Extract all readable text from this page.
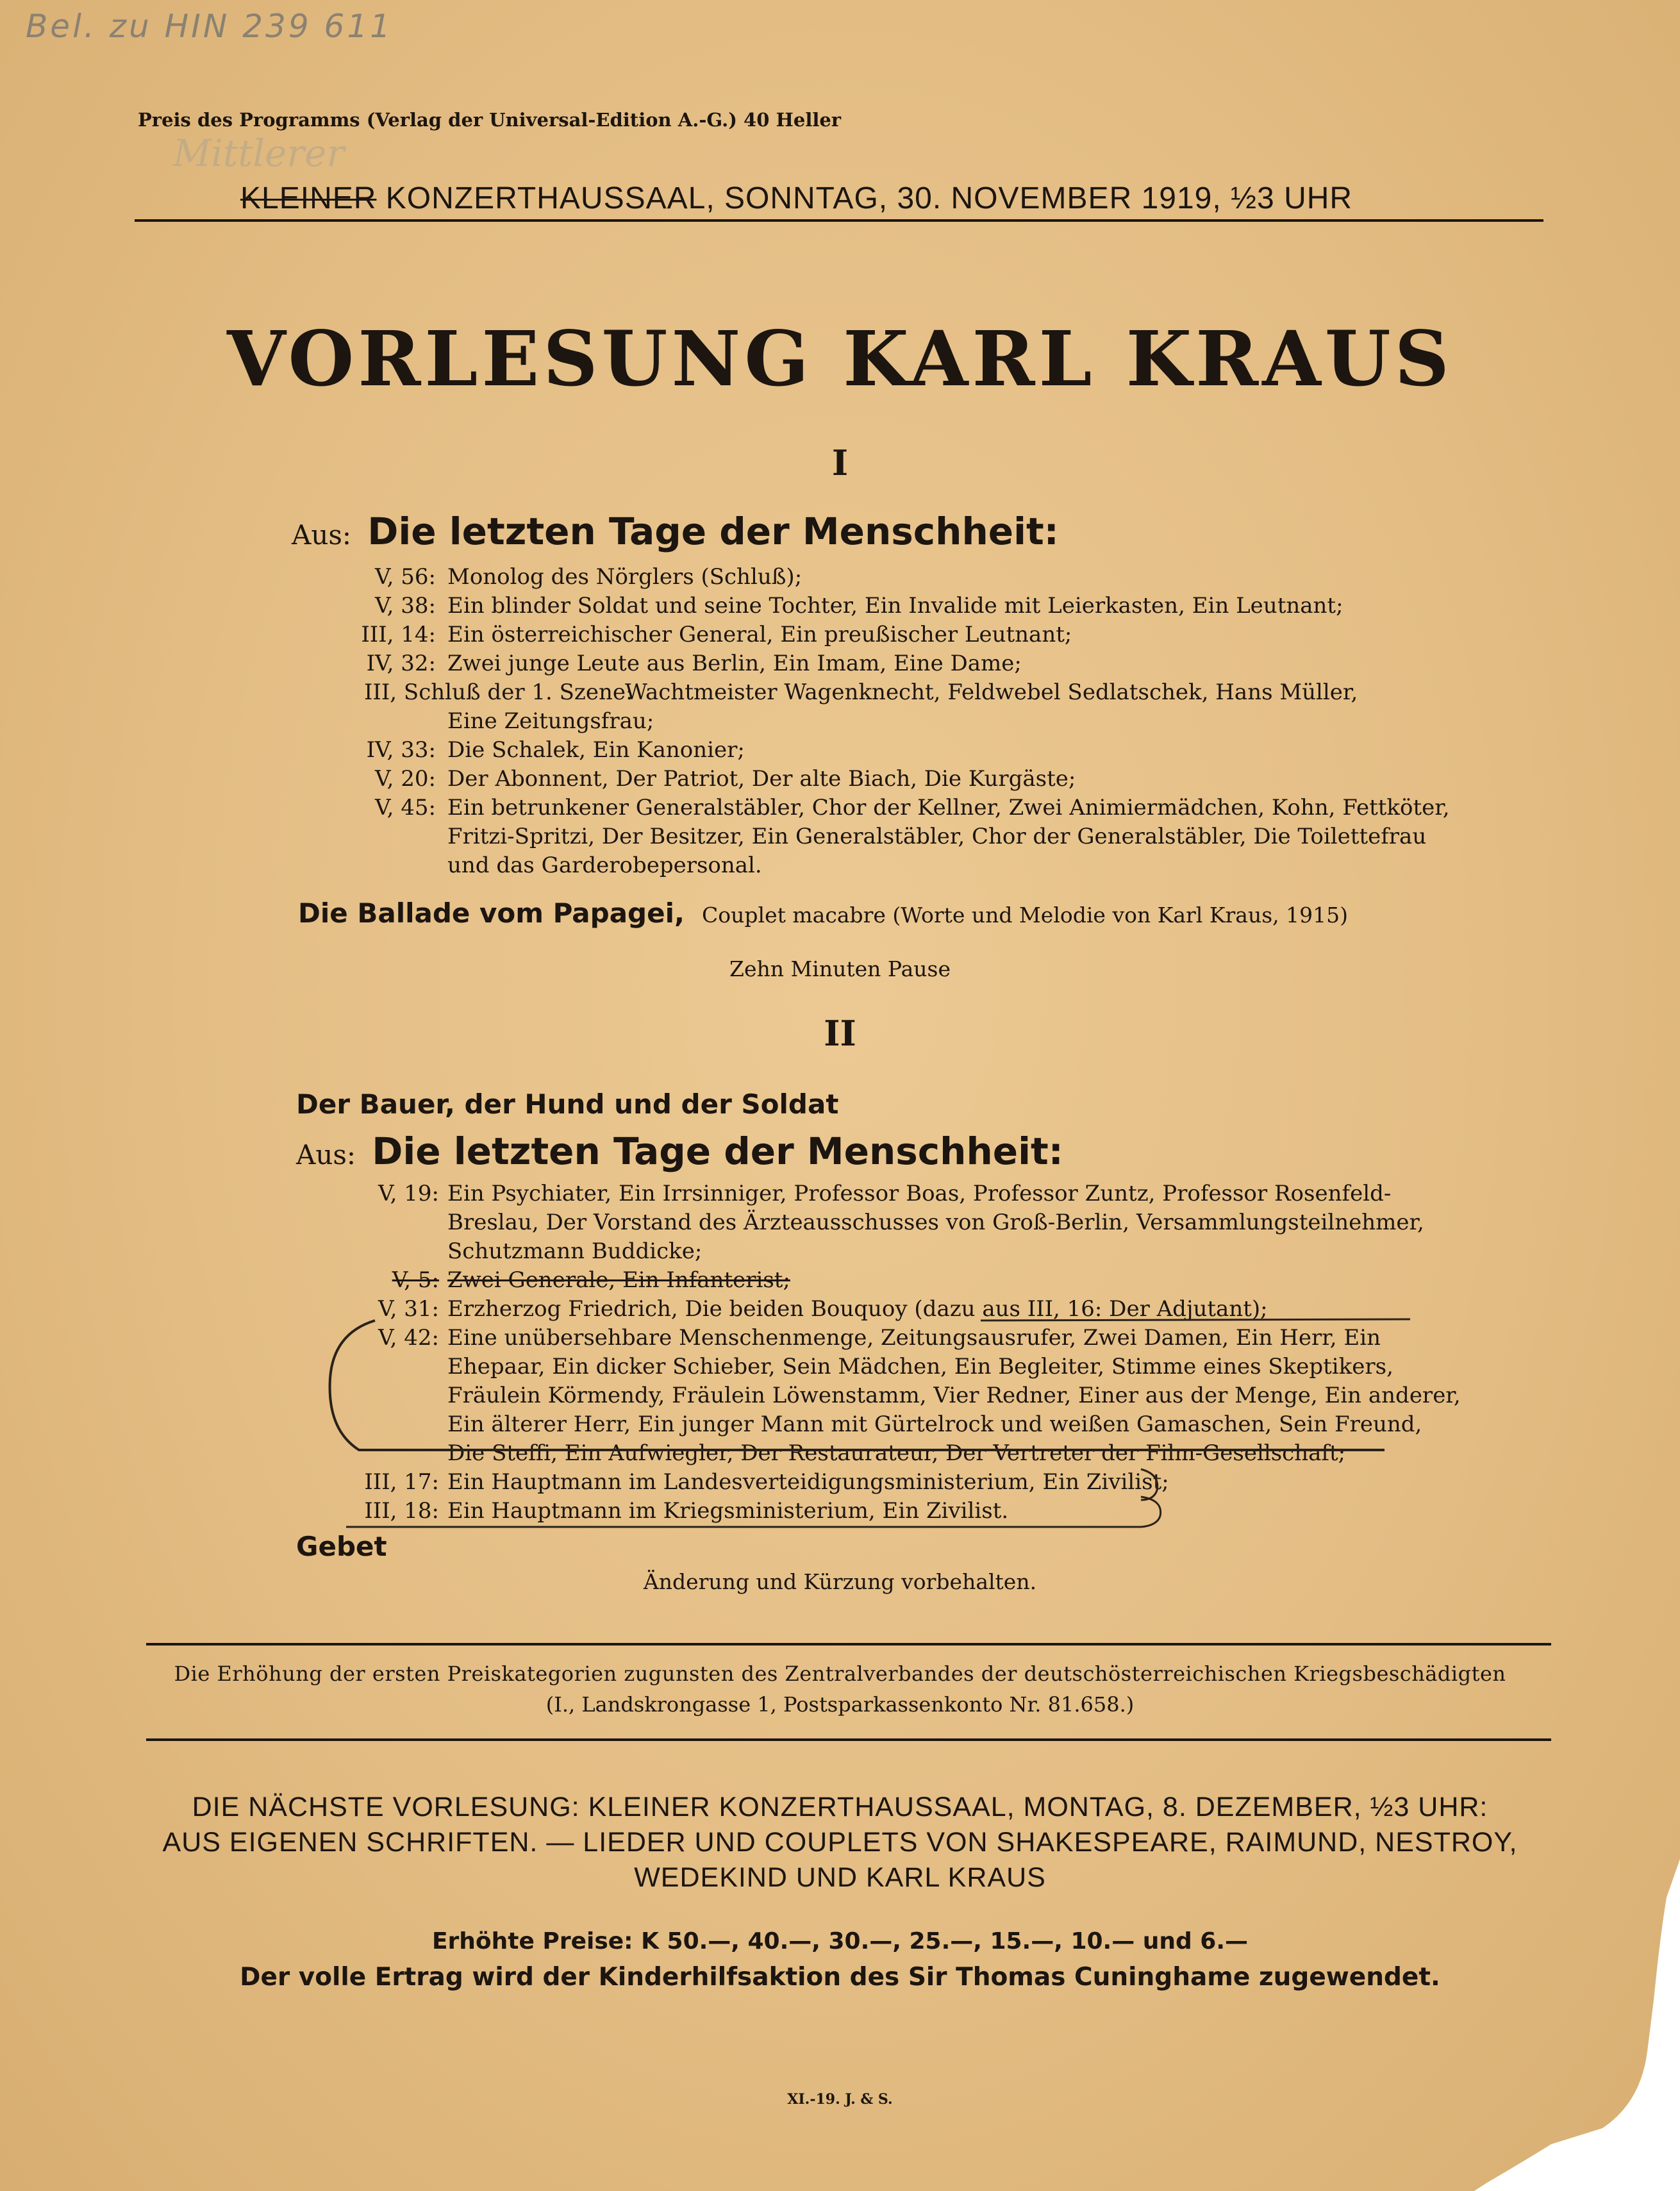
Bel. zu HIN 239 611
Mittlerer
Preis des Programms (Verlag der Universal-Edition A.-G.) 40 Heller
KLEINER KONZERTHAUSSAAL, SONNTAG, 30. NOVEMBER 1919, ½3 UHR
VORLESUNG KARL KRAUS
I
Aus: Die letzten Tage der Menschheit:
V, 56: Monolog des Nörglers (Schluß);
V, 38: Ein blinder Soldat und seine Tochter, Ein Invalide mit Leierkasten, Ein Leutnant;
III, 14: Ein österreichischer General, Ein preußischer Leutnant;
IV, 32: Zwei junge Leute aus Berlin, Ein Imam, Eine Dame;
III, Schluß der 1. Szene:
Wachtmeister Wagenknecht, Feldwebel Sedlatschek, Hans Müller,
Eine Zeitungsfrau;
IV, 33: Die Schalek, Ein Kanonier;
V, 20: Der Abonnent, Der Patriot, Der alte Biach, Die Kurgäste;
V, 45: Ein betrunkener Generalstäbler, Chor der Kellner, Zwei Animiermädchen, Kohn, Fettköter,
Fritzi-Spritzi, Der Besitzer, Ein Generalstäbler, Chor der Generalstäbler, Die Toilettefrau
und das Garderobepersonal.
Die Ballade vom Papagei, Couplet macabre (Worte und Melodie von Karl Kraus, 1915)
Zehn Minuten Pause
II
Der Bauer, der Hund und der Soldat
Aus: Die letzten Tage der Menschheit:
V, 19: Ein Psychiater, Ein Irrsinniger, Professor Boas, Professor Zuntz, Professor Rosenfeld-
Breslau, Der Vorstand des Ärzteausschusses von Groß-Berlin, Versammlungsteilnehmer,
Schutzmann Buddicke;
V, 5: Zwei Generale, Ein Infanterist;
V, 31: Erzherzog Friedrich, Die beiden Bouquoy (dazu aus III, 16: Der Adjutant);
V, 42: Eine unübersehbare Menschenmenge, Zeitungsausrufer, Zwei Damen, Ein Herr, Ein
Ehepaar, Ein dicker Schieber, Sein Mädchen, Ein Begleiter, Stimme eines Skeptikers,
Fräulein Körmendy, Fräulein Löwenstamm, Vier Redner, Einer aus der Menge, Ein anderer,
Ein älterer Herr, Ein junger Mann mit Gürtelrock und weißen Gamaschen, Sein Freund,
Die Steffi, Ein Aufwiegler, Der Restaurateur, Der Vertreter der Film-Gesellschaft;
III, 17: Ein Hauptmann im Landesverteidigungsministerium, Ein Zivilist;
III, 18: Ein Hauptmann im Kriegsministerium, Ein Zivilist.
Gebet
Änderung und Kürzung vorbehalten.
Die Erhöhung der ersten Preiskategorien zugunsten des Zentralverbandes der deutschösterreichischen Kriegsbeschädigten
(I., Landskrongasse 1, Postsparkassenkonto Nr. 81.658.)
DIE NÄCHSTE VORLESUNG: KLEINER KONZERTHAUSSAAL, MONTAG, 8. DEZEMBER, ½3 UHR:
AUS EIGENEN SCHRIFTEN. — LIEDER UND COUPLETS VON SHAKESPEARE, RAIMUND, NESTROY,
WEDEKIND UND KARL KRAUS
Erhöhte Preise: K 50.—, 40.—, 30.—, 25.—, 15.—, 10.— und 6.—
Der volle Ertrag wird der Kinderhilfsaktion des Sir Thomas Cuninghame zugewendet.
XI.-19. J. & S.
